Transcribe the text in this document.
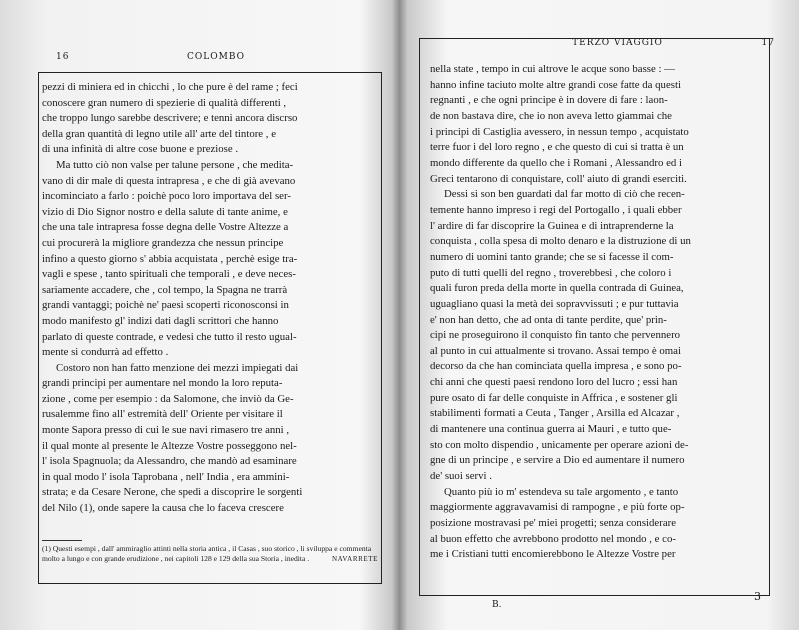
16	COLOMBO
pezzi di miniera ed in chicchi , lo che pure è del rame ; feci
conoscere gran numero di spezierie di qualità differenti ,
che troppo lungo sarebbe descrivere; e tenni ancora discrso
della gran quantità di legno utile all' arte del tintore , e
di una infinità di altre cose buone e preziose .
Ma tutto ciò non valse per talune persone , che medita-
vano di dir male di questa intrapresa , e che di già avevano
incominciato a farlo : poichè poco loro importava del ser-
vizio di Dio Signor nostro e della salute di tante anime, e
che una tale intrapresa fosse degna delle Vostre Altezze a
cui procurerà la migliore grandezza che nessun principe
infino a questo giorno s' abbia acquistata , perchè esige tra-
vagli e spese , tanto spirituali che temporali , e deve neces-
sariamente accadere, che , col tempo, la Spagna ne trarrà
grandi vantaggi; poichè ne' paesi scoperti riconosconsi in
modo manifesto gl' indizi dati dagli scrittori che hanno
parlato di queste contrade, e vedesi che tutto il resto ugual-
mente si condurrà ad effetto .
Costoro non han fatto menzione dei mezzi impiegati dai
grandi principi per aumentare nel mondo la loro reputa-
zione , come per esempio : da Salomone, che inviò da Ge-
rusalemme fino all' estremità dell' Oriente per visitare il
monte Sapora presso di cui le sue navi rimasero tre anni ,
il qual monte al presente le Altezze Vostre posseggono nel-
l' isola Spagnuola; da Alessandro, che mandò ad esaminare
in qual modo l' isola Taprobana , nell' India , era ammini-
strata; e da Cesare Nerone, che spedì a discoprire le sorgenti
del Nilo (1), onde sapere la causa che lo faceva crescere
(1) Questi esempi , dall' ammiraglio attinti nella storia antica , il Casas , suo storico , li sviluppa e commenta molto a lungo e con grande erudizione , nei capitoli 128 e 129 della sua Storia , inedita .	NAVARRETE
TERZO VIAGGIO	17
nella state , tempo in cui altrove le acque sono basse : —
hanno infine taciuto molte altre grandi cose fatte da questi
regnanti , e che ogni principe è in dovere di fare : laon-
de non bastava dire, che io non aveva letto giammai che
i principi di Castiglia avessero, in nessun tempo , acquistato
terre fuor i del loro regno , e che questo di cui si tratta è un
mondo differente da quello che i Romani , Alessandro ed i
Greci tentarono di conquistare, coll' aiuto di grandi eserciti.
Dessi si son ben guardati dal far motto di ciò che recen-
temente hanno impreso i regi del Portogallo , i quali ebber
l' ardire di far discoprire la Guinea e di intraprenderne la
conquista , colla spesa di molto denaro e la distruzione di un
numero di uomini tanto grande; che se si facesse il com-
puto di tutti quelli del regno , troverebbesi , che coloro i
quali furon preda della morte in quella contrada di Guinea,
uguagliano quasi la metà dei sopravvissuti ; e pur tuttavia
e' non han detto, che ad onta di tante perdite, que' prin-
cipi ne proseguirono il conquisto fin tanto che pervennero
al punto in cui attualmente si trovano. Assai tempo è omai
decorso da che han cominciata quella impresa , e sono po-
chi anni che questi paesi rendono loro del lucro ; essi han
pure osato di far delle conquiste in Affrica , e sostener gli
stabilimenti formati a Ceuta , Tanger , Arsilla ed Alcazar ,
di mantenere una continua guerra ai Mauri , e tutto que-
sto con molto dispendio , unicamente per operare azioni de-
gne di un principe , e servire a Dio ed aumentare il numero
de' suoi servi .
Quanto più io m' estendeva su tale argomento , e tanto
maggiormente aggravavamisi di rampogne , e più forte op-
posizione mostravasi pe' miei progetti; senza considerare
al buon effetto che avrebbono prodotto nel mondo , e co-
me i Cristiani tutti encomierebbono le Altezze Vostre per
B.
3
